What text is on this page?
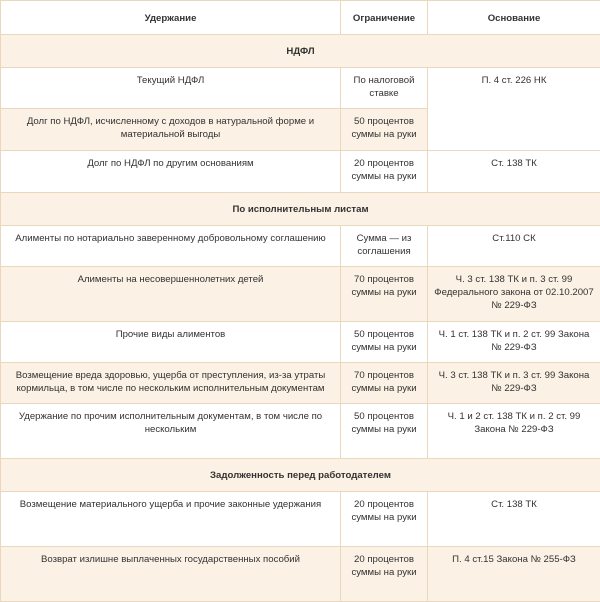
Удержание	Ограничение	Основание
НДФЛ		
Текущий НДФЛ	По налоговой ставке	П. 4 ст. 226 НК
Долг по НДФЛ, исчисленному с доходов в натуральной форме и материальной выгоды	50 процентов суммы на руки	
Долг по НДФЛ по другим основаниям	20 процентов суммы на руки	Ст. 138 ТК
По исполнительным листам		
Алименты по нотариально заверенному добровольному соглашению	Сумма — из соглашения	Ст.110 СК
Алименты на несовершеннолетних детей	70 процентов суммы на руки	Ч. 3 ст. 138 ТК и п. 3 ст. 99 Федерального закона от 02.10.2007 № 229-ФЗ
Прочие виды алиментов	50 процентов суммы на руки	Ч. 1 ст. 138 ТК и п. 2 ст. 99 Закона № 229-ФЗ
Возмещение вреда здоровью, ущерба от преступления, из-за утраты кормильца, в том числе по нескольким исполнительным документам	70 процентов суммы на руки	Ч. 3 ст. 138 ТК и п. 3 ст. 99 Закона № 229-ФЗ
Удержание по прочим исполнительным документам, в том числе по нескольким	50 процентов суммы на руки	Ч. 1 и 2 ст. 138 ТК и п. 2 ст. 99 Закона № 229-ФЗ
Задолженность перед работодателем		
Возмещение материального ущерба и прочие законные удержания	20 процентов суммы на руки	Ст. 138 ТК
Возврат излишне выплаченных государственных пособий	20 процентов суммы на руки	П. 4 ст.15 Закона № 255-ФЗ
